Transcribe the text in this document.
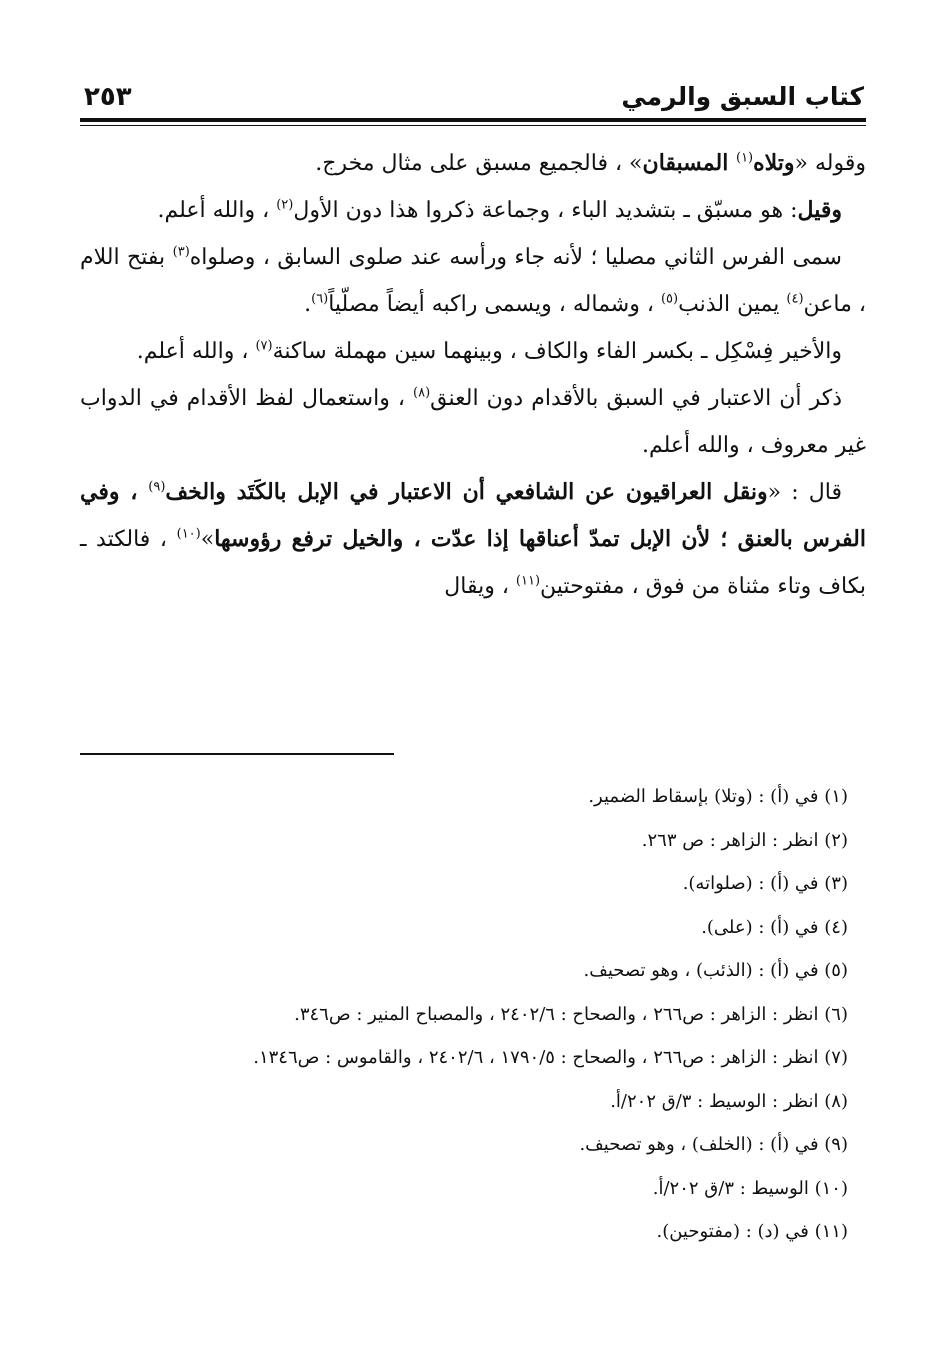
كتاب السبق والرمي
٢٥٣

وقوله «وتلاه$^{(١)}$ المسبقان» ، فالجميع مسبق على مثال مخرج.

وقيل: هو مسبّق ـ بتشديد الباء ، وجماعة ذكروا هذا دون الأول$^{(٢)}$ ، والله أعلم.

سمى الفرس الثاني مصليا ؛ لأنه جاء ورأسه عند صلوى السابق ، وصلواه$^{(٣)}$ بفتح اللام ، ماعن$^{(٤)}$ يمين الذنب$^{(٥)}$ ، وشماله ، ويسمى راكبه أيضاً مصلّياً$^{(٦)}$.

والأخير فِسْكِل ـ بكسر الفاء والكاف ، وبينهما سين مهملة ساكنة$^{(٧)}$ ، والله أعلم.

ذكر أن الاعتبار في السبق بالأقدام دون العنق$^{(٨)}$ ، واستعمال لفظ الأقدام في الدواب غير معروف ، والله أعلم.

قال : «ونقل العراقيون عن الشافعي أن الاعتبار في الإبل بالكَتَد والخف$^{(٩)}$ ، وفي الفرس بالعنق ؛ لأن الإبل تمدّ أعناقها إذا عدّت ، والخيل ترفع رؤوسها»$^{(١٠)}$ ، فالكتد ـ بكاف وتاء مثناة من فوق ، مفتوحتين$^{(١١)}$ ، ويقال

(١) في (أ) : (وتلا) بإسقاط الضمير.

(٢) انظر : الزاهر : ص ٢٦٣.

(٣) في (أ) : (صلواته).

(٤) في (أ) : (على).

(٥) في (أ) : (الذئب) ، وهو تصحيف.

(٦) انظر : الزاهر : ص٢٦٦ ، والصحاح : ٢٤٠٢/٦ ، والمصباح المنير : ص٣٤٦.

(٧) انظر : الزاهر : ص٢٦٦ ، والصحاح : ١٧٩٠/٥ ، ٢٤٠٢/٦ ، والقاموس : ص١٣٤٦.

(٨) انظر : الوسيط : ٣/ق ٢٠٢/أ.

(٩) في (أ) : (الخلف) ، وهو تصحيف.

(١٠) الوسيط : ٣/ق ٢٠٢/أ.

(١١) في (د) : (مفتوحين).
